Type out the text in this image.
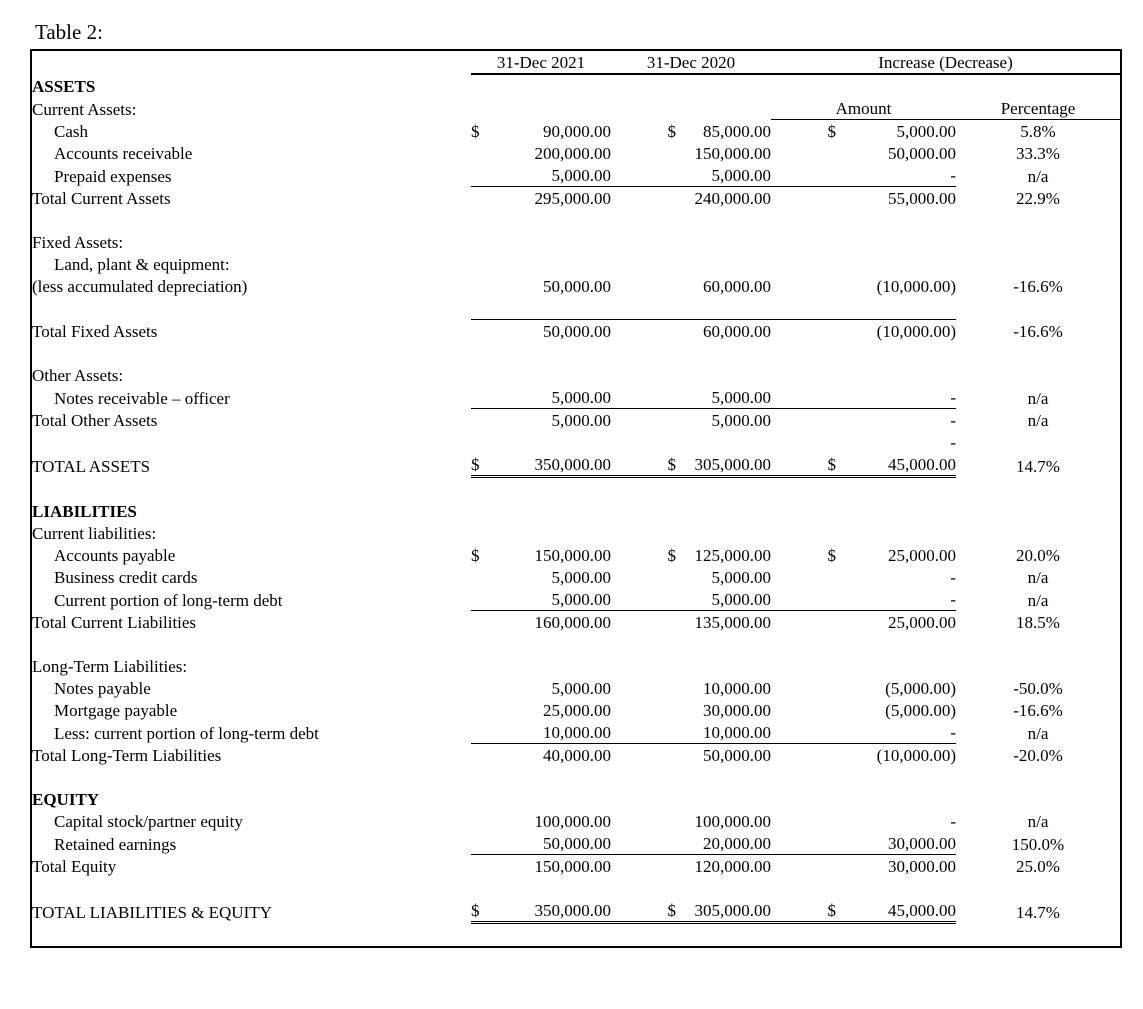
Table 2:
	31-Dec 2021		31-Dec 2020		Increase (Decrease)		
ASSETS							
Current Assets:					Amount		Percentage
Cash	$	90,000.00	$	85,000.00	$	5,000.00	5.8%
Accounts receivable		200,000.00		150,000.00		50,000.00	33.3%
Prepaid expenses		5,000.00		5,000.00		-	n/a
Total Current Assets		295,000.00		240,000.00		55,000.00	22.9%

Fixed Assets:							
Land, plant & equipment:							
(less accumulated depreciation)		50,000.00		60,000.00		(10,000.00)	-16.6%

Total Fixed Assets		50,000.00		60,000.00		(10,000.00)	-16.6%

Other Assets:							
Notes receivable – officer		5,000.00		5,000.00		-	n/a
Total Other Assets		5,000.00		5,000.00		-	n/a
						-	
TOTAL ASSETS	$	350,000.00	$	305,000.00	$	45,000.00	14.7%

LIABILITIES							
Current liabilities:							
Accounts payable	$	150,000.00	$	125,000.00	$	25,000.00	20.0%
Business credit cards		5,000.00		5,000.00		-	n/a
Current portion of long-term debt		5,000.00		5,000.00		-	n/a
Total Current Liabilities		160,000.00		135,000.00		25,000.00	18.5%

Long-Term Liabilities:							
Notes payable		5,000.00		10,000.00		(5,000.00)	-50.0%
Mortgage payable		25,000.00		30,000.00		(5,000.00)	-16.6%
Less: current portion of long-term debt		10,000.00		10,000.00		-	n/a
Total Long-Term Liabilities		40,000.00		50,000.00		(10,000.00)	-20.0%

EQUITY							
Capital stock/partner equity		100,000.00		100,000.00		-	n/a
Retained earnings		50,000.00		20,000.00		30,000.00	150.0%
Total Equity		150,000.00		120,000.00		30,000.00	25.0%

TOTAL LIABILITIES & EQUITY	$	350,000.00	$	305,000.00	$	45,000.00	14.7%
